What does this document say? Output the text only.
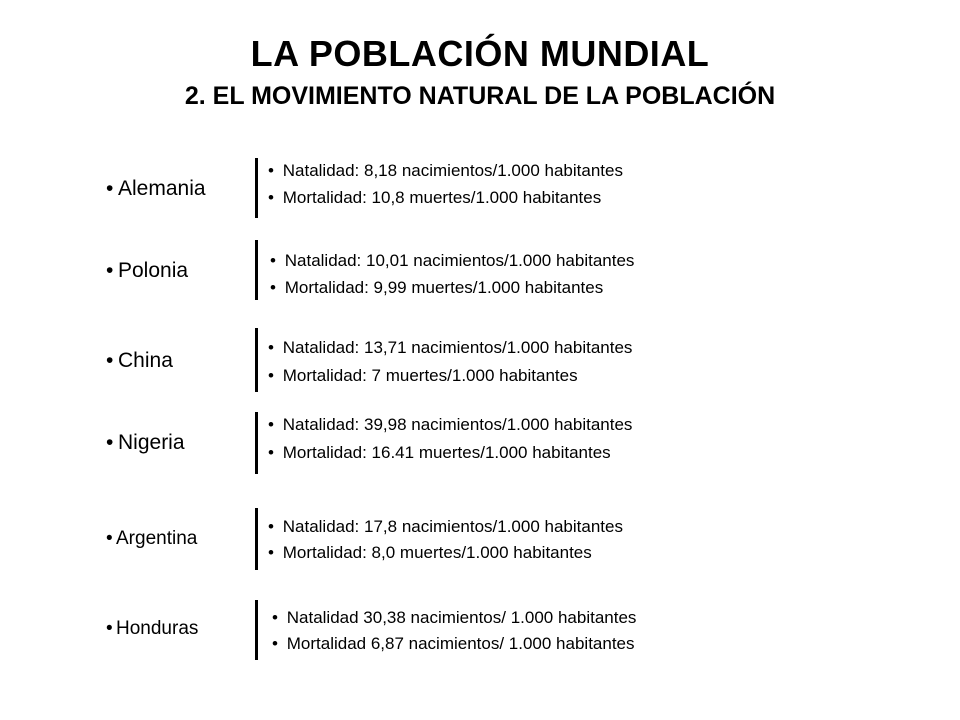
LA POBLACIÓN MUNDIAL
2. EL MOVIMIENTO NATURAL DE LA POBLACIÓN
• Alemania
• Natalidad: 8,18 nacimientos/1.000 habitantes
• Mortalidad: 10,8 muertes/1.000 habitantes
• Polonia	• Natalidad: 10,01 nacimientos/1.000 habitantes
• Mortalidad: 9,99 muertes/1.000 habitantes
• China
• Natalidad: 13,71 nacimientos/1.000 habitantes
• Mortalidad: 7 muertes/1.000 habitantes
• Nigeria
• Natalidad: 39,98 nacimientos/1.000 habitantes
• Mortalidad: 16.41 muertes/1.000 habitantes
• Argentina
• Natalidad: 17,8 nacimientos/1.000 habitantes
• Mortalidad: 8,0 muertes/1.000 habitantes
• Honduras
• Natalidad 30,38 nacimientos/ 1.000 habitantes
• Mortalidad 6,87 nacimientos/ 1.000 habitantes
